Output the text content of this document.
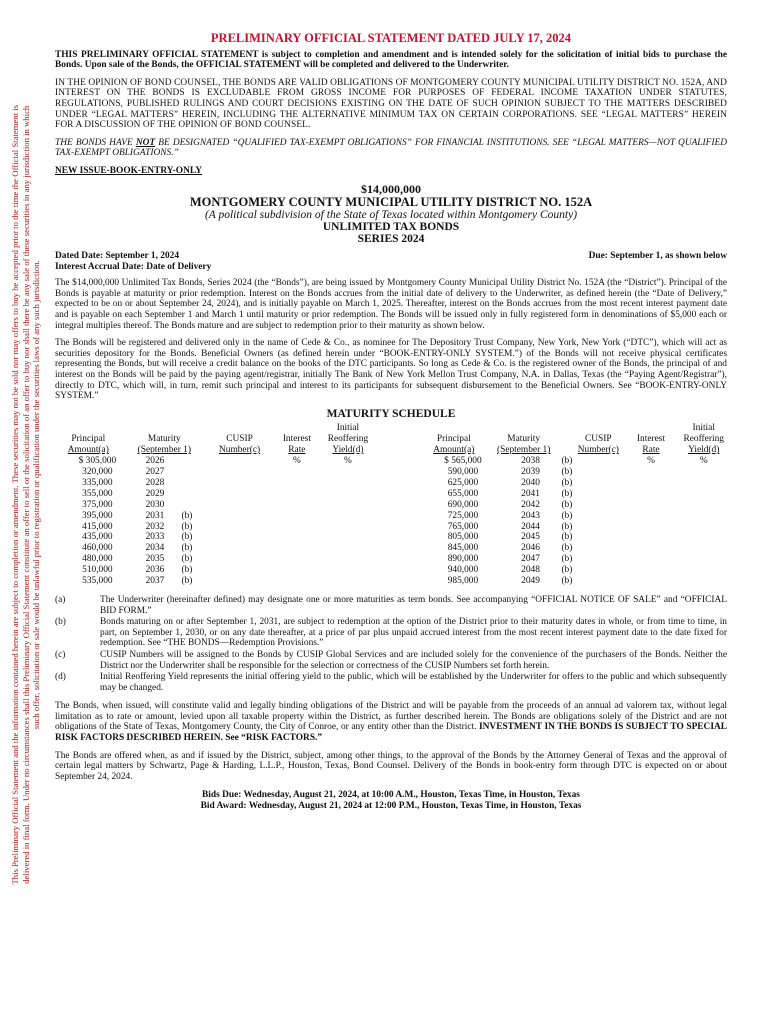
This Preliminary Official Statement and the information contained herein are subject to completion or amendment. These securities may not be sold nor may offers to buy be accepted prior to the time the Official Statement is delivered in final form. Under no circumstances shall this Preliminary Official Statement constitute an offer to sell or the solicitation of an offer to buy nor shall there be any sale of these securities in any jurisdiction in which such offer, solicitation or sale would be unlawful prior to registration or qualification under the securities laws of any such jurisdiction.
PRELIMINARY OFFICIAL STATEMENT DATED JULY 17, 2024
THIS PRELIMINARY OFFICIAL STATEMENT is subject to completion and amendment and is intended solely for the solicitation of initial bids to purchase the Bonds. Upon sale of the Bonds, the OFFICIAL STATEMENT will be completed and delivered to the Underwriter.
IN THE OPINION OF BOND COUNSEL, THE BONDS ARE VALID OBLIGATIONS OF MONTGOMERY COUNTY MUNICIPAL UTILITY DISTRICT NO. 152A, AND INTEREST ON THE BONDS IS EXCLUDABLE FROM GROSS INCOME FOR PURPOSES OF FEDERAL INCOME TAXATION UNDER STATUTES, REGULATIONS, PUBLISHED RULINGS AND COURT DECISIONS EXISTING ON THE DATE OF SUCH OPINION SUBJECT TO THE MATTERS DESCRIBED UNDER “LEGAL MATTERS” HEREIN, INCLUDING THE ALTERNATIVE MINIMUM TAX ON CERTAIN CORPORATIONS. SEE “LEGAL MATTERS” HEREIN FOR A DISCUSSION OF THE OPINION OF BOND COUNSEL.
THE BONDS HAVE NOT BE DESIGNATED “QUALIFIED TAX-EXEMPT OBLIGATIONS” FOR FINANCIAL INSTITUTIONS. SEE “LEGAL MATTERS—NOT QUALIFIED TAX-EXEMPT OBLIGATIONS.”
NEW ISSUE-BOOK-ENTRY-ONLY
$14,000,000
MONTGOMERY COUNTY MUNICIPAL UTILITY DISTRICT NO. 152A
(A political subdivision of the State of Texas located within Montgomery County)
UNLIMITED TAX BONDS
SERIES 2024
Dated Date: September 1, 2024	Due: September 1, as shown below
Interest Accrual Date: Date of Delivery
The $14,000,000 Unlimited Tax Bonds, Series 2024 (the “Bonds”), are being issued by Montgomery County Municipal Utility District No. 152A (the “District”). Principal of the Bonds is payable at maturity or prior redemption. Interest on the Bonds accrues from the initial date of delivery to the Underwriter, as defined herein (the “Date of Delivery,” expected to be on or about September 24, 2024), and is initially payable on March 1, 2025. Thereafter, interest on the Bonds accrues from the most recent interest payment date and is payable on each September 1 and March 1 until maturity or prior redemption. The Bonds will be issued only in fully registered form in denominations of $5,000 each or integral multiples thereof. The Bonds mature and are subject to redemption prior to their maturity as shown below.
The Bonds will be registered and delivered only in the name of Cede & Co., as nominee for The Depository Trust Company, New York, New York (“DTC”), which will act as securities depository for the Bonds. Beneficial Owners (as defined herein under “BOOK-ENTRY-ONLY SYSTEM.”) of the Bonds will not receive physical certificates representing the Bonds, but will receive a credit balance on the books of the DTC participants. So long as Cede & Co. is the registered owner of the Bonds, the principal of and interest on the Bonds will be paid by the paying agent/registrar, initially The Bank of New York Mellon Trust Company, N.A. in Dallas, Texas (the “Paying Agent/Registrar”), directly to DTC, which will, in turn, remit such principal and interest to its participants for subsequent disbursement to the Beneficial Owners. See “BOOK-ENTRY-ONLY SYSTEM.”
MATURITY SCHEDULE
										Initial												Initial
Principal			Maturity			CUSIP		Interest		Reoffering			Principal		Maturity			CUSIP		Interest		Reoffering
Amount(a)			(September 1)			Number(c)		Rate		Yield(d)			Amount(a)		(September 1)			Number(c)		Rate		Yield(d)
	$ 305,000		2026					%		%				$ 565,000		2038	(b)			%		%
	320,000		2027											590,000		2039	(b)					
	335,000		2028											625,000		2040	(b)					
	355,000		2029											655,000		2041	(b)					
	375,000		2030											690,000		2042	(b)					
	395,000		2031	(b)										725,000		2043	(b)					
	415,000		2032	(b)										765,000		2044	(b)					
	435,000		2033	(b)										805,000		2045	(b)					
	460,000		2034	(b)										845,000		2046	(b)					
	480,000		2035	(b)										890,000		2047	(b)					
	510,000		2036	(b)										940,000		2048	(b)					
	535,000		2037	(b)										985,000		2049	(b)					
(a)	The Underwriter (hereinafter defined) may designate one or more maturities as term bonds. See accompanying “OFFICIAL NOTICE OF SALE” and “OFFICIAL BID FORM.”
(b)	Bonds maturing on or after September 1, 2031, are subject to redemption at the option of the District prior to their maturity dates in whole, or from time to time, in part, on September 1, 2030, or on any date thereafter, at a price of par plus unpaid accrued interest from the most recent interest payment date to the date fixed for redemption. See “THE BONDS—Redemption Provisions.”
(c)	CUSIP Numbers will be assigned to the Bonds by CUSIP Global Services and are included solely for the convenience of the purchasers of the Bonds. Neither the District nor the Underwriter shall be responsible for the selection or correctness of the CUSIP Numbers set forth herein.
(d)	Initial Reoffering Yield represents the initial offering yield to the public, which will be established by the Underwriter for offers to the public and which subsequently may be changed.
The Bonds, when issued, will constitute valid and legally binding obligations of the District and will be payable from the proceeds of an annual ad valorem tax, without legal limitation as to rate or amount, levied upon all taxable property within the District, as further described herein. The Bonds are obligations solely of the District and are not obligations of the State of Texas, Montgomery County, the City of Conroe, or any entity other than the District. INVESTMENT IN THE BONDS IS SUBJECT TO SPECIAL RISK FACTORS DESCRIBED HEREIN. See “RISK FACTORS.”
The Bonds are offered when, as and if issued by the District, subject, among other things, to the approval of the Bonds by the Attorney General of Texas and the approval of certain legal matters by Schwartz, Page & Harding, L.L.P., Houston, Texas, Bond Counsel. Delivery of the Bonds in book-entry form through DTC is expected on or about September 24, 2024.
Bids Due: Wednesday, August 21, 2024, at 10:00 A.M., Houston, Texas Time, in Houston, Texas
Bid Award: Wednesday, August 21, 2024 at 12:00 P.M., Houston, Texas Time, in Houston, Texas
